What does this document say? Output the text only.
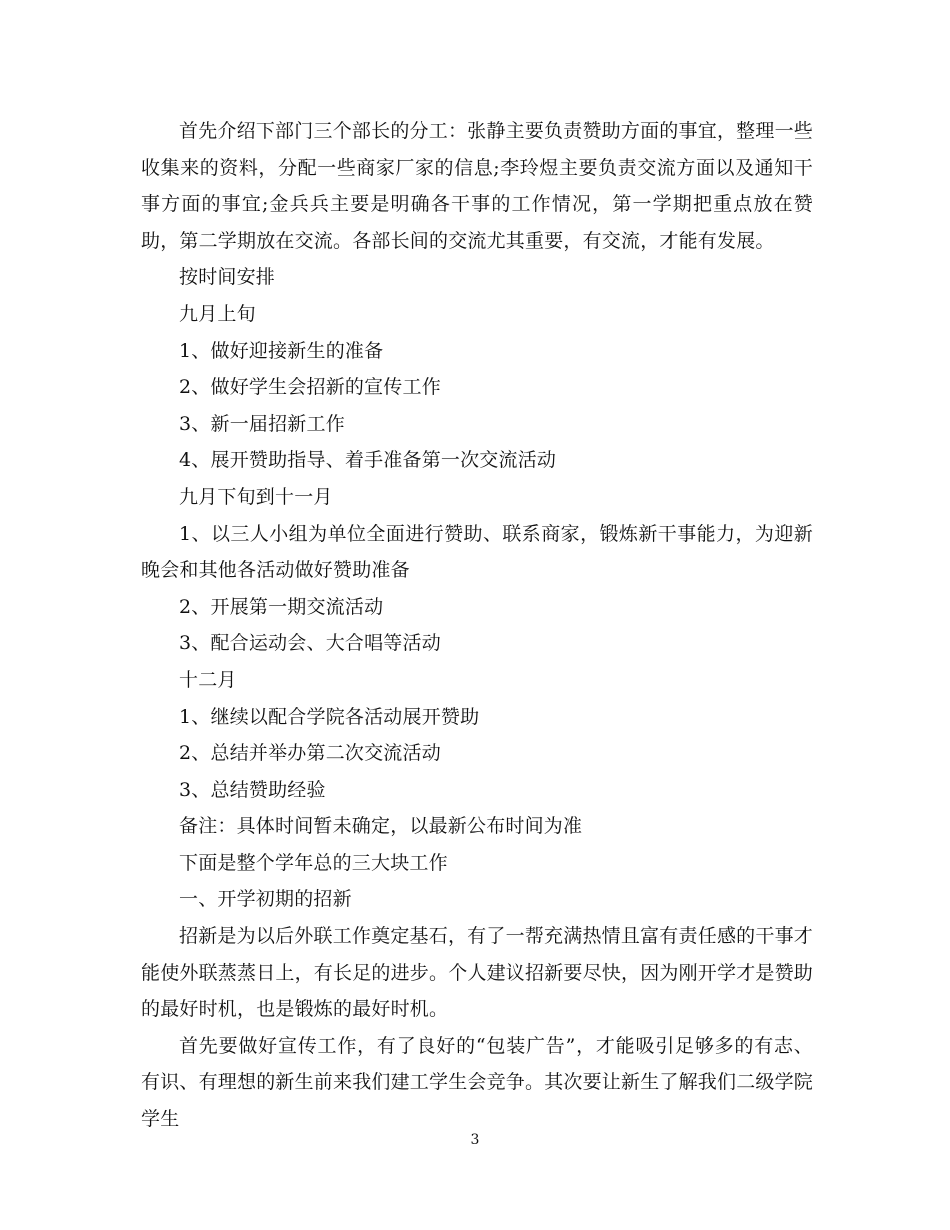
首先介绍下部门三个部长的分工：张静主要负责赞助方面的事宜，整理一些收集来的资料，分配一些商家厂家的信息;李玲煜主要负责交流方面以及通知干事方面的事宜;金兵兵主要是明确各干事的工作情况，第一学期把重点放在赞助，第二学期放在交流。各部长间的交流尤其重要，有交流，才能有发展。

按时间安排

九月上旬

1、做好迎接新生的准备

2、做好学生会招新的宣传工作

3、新一届招新工作

4、展开赞助指导、着手准备第一次交流活动

九月下旬到十一月

1、以三人小组为单位全面进行赞助、联系商家，锻炼新干事能力，为迎新晚会和其他各活动做好赞助准备

2、开展第一期交流活动

3、配合运动会、大合唱等活动

十二月

1、继续以配合学院各活动展开赞助

2、总结并举办第二次交流活动

3、总结赞助经验

备注：具体时间暂未确定，以最新公布时间为准

下面是整个学年总的三大块工作

一、开学初期的招新

招新是为以后外联工作奠定基石，有了一帮充满热情且富有责任感的干事才能使外联蒸蒸日上，有长足的进步。个人建议招新要尽快，因为刚开学才是赞助的最好时机，也是锻炼的最好时机。

首先要做好宣传工作，有了良好的“包装广告”，才能吸引足够多的有志、有识、有理想的新生前来我们建工学生会竞争。其次要让新生了解我们二级学院学生

3
